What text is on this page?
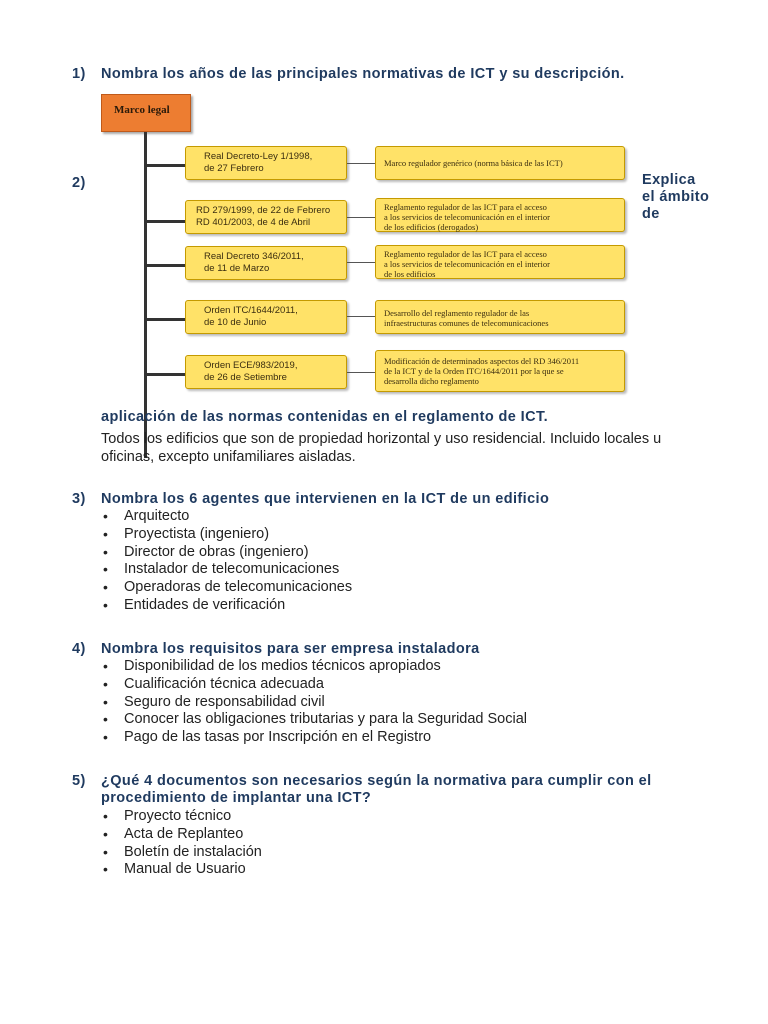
1) Nombra los años de las principales normativas de ICT y su descripción.
Marco legal
Real Decreto-Ley 1/1998,
de 27 Febrero	Marco regulador genérico (norma básica de las ICT)
RD 279/1999, de 22 de Febrero
RD 401/2003, de 4 de Abril
Reglamento regulador de las ICT para el acceso
a los servicios de telecomunicación en el interior
de los edificios (derogados)
Real Decreto 346/2011,
de 11 de Marzo
Reglamento regulador de las ICT para el acceso
a los servicios de telecomunicación en el interior
de los edificios
Orden ITC/1644/2011,
de 10 de Junio
Desarrollo del reglamento regulador de las
infraestructuras comunes de telecomunicaciones
Orden ECE/983/2019,
de 26 de Setiembre
Modificación de determinados aspectos del RD 346/2011
de la ICT y de la Orden ITC/1644/2011 por la que se
desarrolla dicho reglamento
2)	Explica
el ámbito
de
aplicación de las normas contenidas en el reglamento de ICT.
Todos los edificios que son de propiedad horizontal y uso residencial. Incluido locales u oficinas, excepto unifamiliares aisladas.
3) Nombra los 6 agentes que intervienen en la ICT de un edificio
• Arquitecto
• Proyectista (ingeniero)
• Director de obras (ingeniero)
• Instalador de telecomunicaciones
• Operadoras de telecomunicaciones
• Entidades de verificación
4) Nombra los requisitos para ser empresa instaladora
• Disponibilidad de los medios técnicos apropiados
• Cualificación técnica adecuada
• Seguro de responsabilidad civil
• Conocer las obligaciones tributarias y para la Seguridad Social
• Pago de las tasas por Inscripción en el Registro
5) ¿Qué 4 documentos son necesarios según la normativa para cumplir con el
procedimiento de implantar una ICT?
• Proyecto técnico
• Acta de Replanteo
• Boletín de instalación
• Manual de Usuario
